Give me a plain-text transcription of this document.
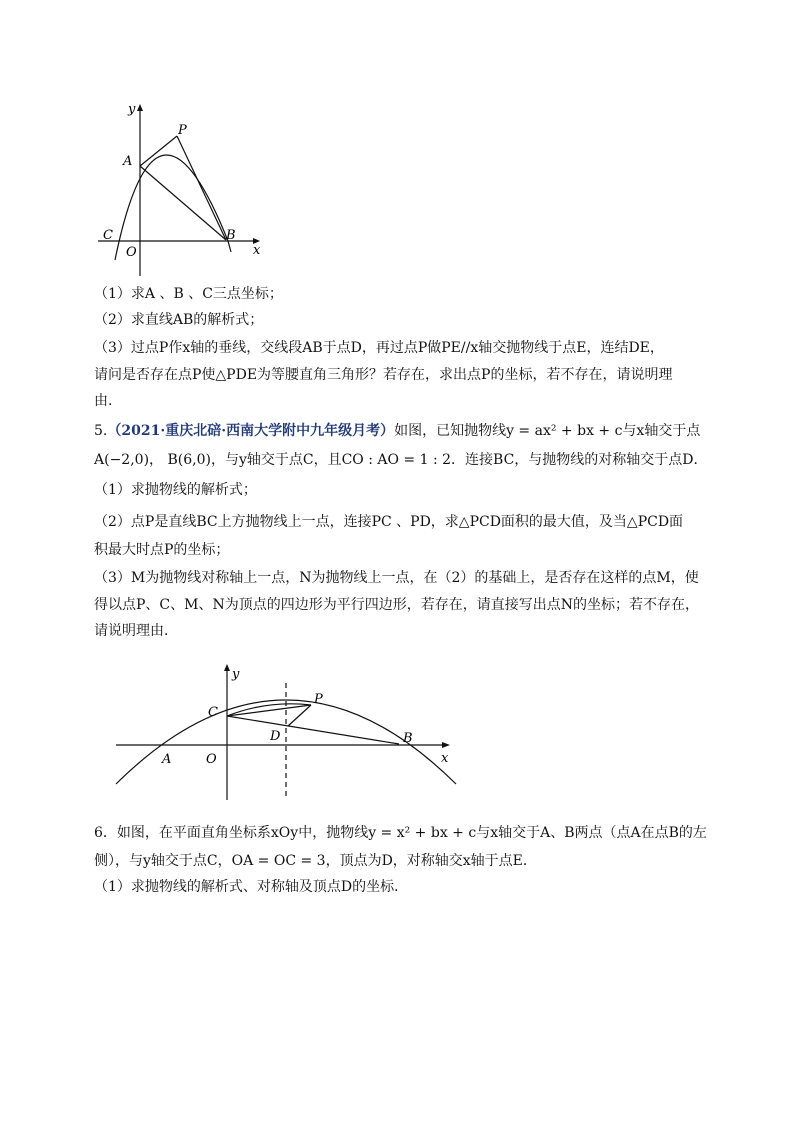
y
P
A
C	B
O	x
（1）求A 、B 、C三点坐标；
（2）求直线AB的解析式；
（3）过点P作x轴的垂线，交线段AB于点D，再过点P做PE//x轴交抛物线于点E，连结DE，
请问是否存在点P使△PDE为等腰直角三角形？若存在，求出点P的坐标，若不存在，请说明理
由.
5.（2021·重庆北碚·西南大学附中九年级月考）如图，已知抛物线y = ax² + bx + c与x轴交于点
A(−2,0)， B(6,0)，与y轴交于点C，且CO : AO = 1 : 2．连接BC，与抛物线的对称轴交于点D．
（1）求抛物线的解析式；
（2）点P是直线BC上方抛物线上一点，连接PC 、PD，求△PCD面积的最大值，及当△PCD面
积最大时点P的坐标；
（3）M为抛物线对称轴上一点，N为抛物线上一点，在（2）的基础上，是否存在这样的点M，使
得以点P、C、M、N为顶点的四边形为平行四边形，若存在，请直接写出点N的坐标；若不存在，
请说明理由．
y
P
C
D	B
A	O	x
6．如图，在平面直角坐标系xOy中，抛物线y = x² + bx + c与x轴交于A、B两点（点A在点B的左
侧），与y轴交于点C，OA = OC = 3，顶点为D，对称轴交x轴于点E．
（1）求抛物线的解析式、对称轴及顶点D的坐标．
